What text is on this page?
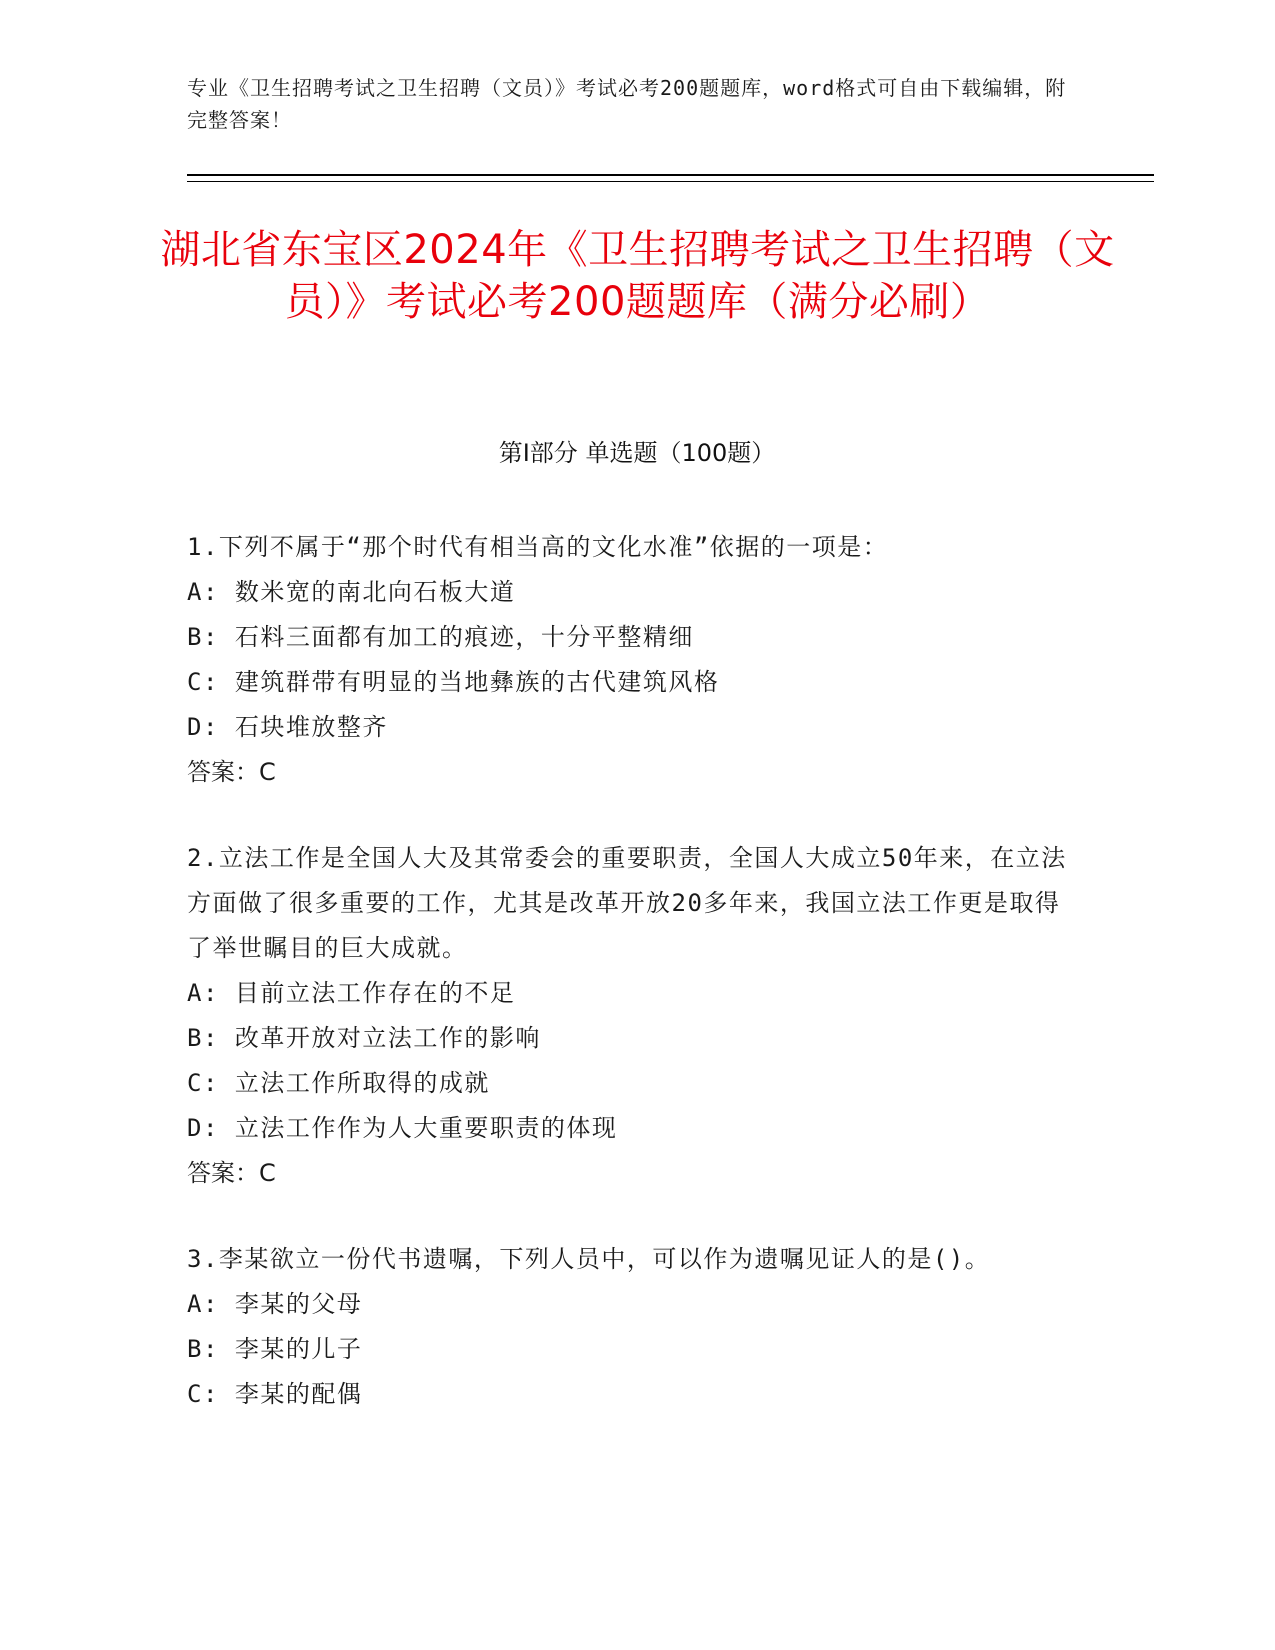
专业《卫生招聘考试之卫生招聘（文员）》考试必考200题题库，word格式可自由下载编辑，附完整答案！
湖北省东宝区2024年《卫生招聘考试之卫生招聘（文员）》考试必考200题题库（满分必刷）
第Ⅰ部分 单选题（100题）

1.下列不属于“那个时代有相当高的文化水准”依据的一项是：

A: 数米宽的南北向石板大道

B: 石料三面都有加工的痕迹，十分平整精细

C: 建筑群带有明显的当地彝族的古代建筑风格

D: 石块堆放整齐

答案：C

2.立法工作是全国人大及其常委会的重要职责，全国人大成立50年来，在立法方面做了很多重要的工作，尤其是改革开放20多年来，我国立法工作更是取得了举世瞩目的巨大成就。

A: 目前立法工作存在的不足

B: 改革开放对立法工作的影响

C: 立法工作所取得的成就

D: 立法工作作为人大重要职责的体现

答案：C

3.李某欲立一份代书遗嘱，下列人员中，可以作为遗嘱见证人的是()。

A: 李某的父母

B: 李某的儿子

C: 李某的配偶
